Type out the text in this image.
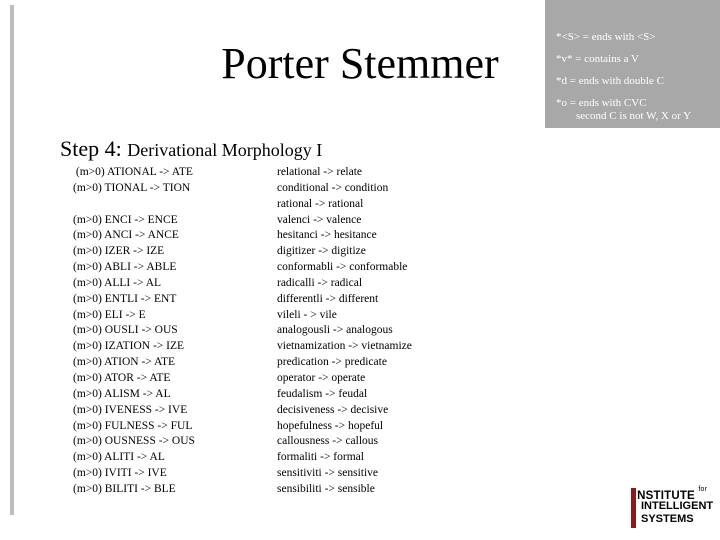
Porter Stemmer
*<S> = ends with <S>
*v* = contains a V
*d = ends with double C
*o = ends with CVC
second C is not W, X or Y
Step 4: Derivational Morphology I
(m>0) ATIONAL -> ATE
(m>0) TIONAL -> TION
(m>0) ENCI -> ENCE
(m>0) ANCI -> ANCE
(m>0) IZER -> IZE
(m>0) ABLI -> ABLE
(m>0) ALLI -> AL
(m>0) ENTLI -> ENT
(m>0) ELI -> E
(m>0) OUSLI -> OUS
(m>0) IZATION -> IZE
(m>0) ATION -> ATE
(m>0) ATOR -> ATE
(m>0) ALISM -> AL
(m>0) IVENESS -> IVE
(m>0) FULNESS -> FUL
(m>0) OUSNESS -> OUS
(m>0) ALITI -> AL
(m>0) IVITI -> IVE
(m>0) BILITI -> BLE
relational -> relate
conditional -> condition
rational -> rational
valenci -> valence
hesitanci -> hesitance
digitizer -> digitize
conformabli -> conformable
radicalli -> radical
differentli -> different
vileli - > vile
analogousli -> analogous
vietnamization -> vietnamize
predication -> predicate
operator -> operate
feudalism -> feudal
decisiveness -> decisive
hopefulness -> hopeful
callousness -> callous
formaliti -> formal
sensitiviti -> sensitive
sensibiliti -> sensible	INSTITUTE $^{for}$
INTELLIGENT
SYSTEMS
